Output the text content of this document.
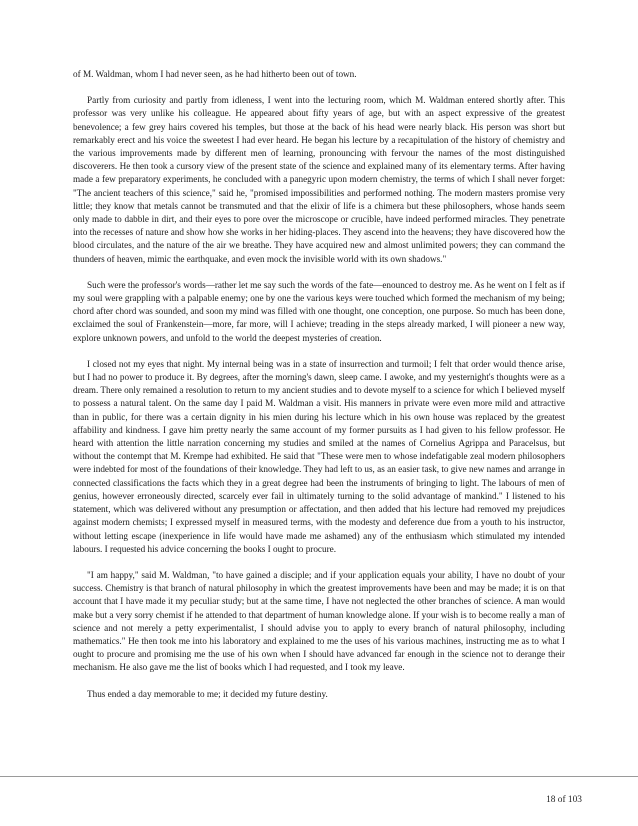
of M. Waldman, whom I had never seen, as he had hitherto been out of town.

Partly from curiosity and partly from idleness, I went into the lecturing room, which M. Waldman entered shortly after. This professor was very unlike his colleague. He appeared about fifty years of age, but with an aspect expressive of the greatest benevolence; a few grey hairs covered his temples, but those at the back of his head were nearly black. His person was short but remarkably erect and his voice the sweetest I had ever heard. He began his lecture by a recapitulation of the history of chemistry and the various improvements made by different men of learning, pronouncing with fervour the names of the most distinguished discoverers. He then took a cursory view of the present state of the science and explained many of its elementary terms. After having made a few preparatory experiments, he concluded with a panegyric upon modern chemistry, the terms of which I shall never forget: "The ancient teachers of this science," said he, "promised impossibilities and performed nothing. The modern masters promise very little; they know that metals cannot be transmuted and that the elixir of life is a chimera but these philosophers, whose hands seem only made to dabble in dirt, and their eyes to pore over the microscope or crucible, have indeed performed miracles. They penetrate into the recesses of nature and show how she works in her hiding-places. They ascend into the heavens; they have discovered how the blood circulates, and the nature of the air we breathe. They have acquired new and almost unlimited powers; they can command the thunders of heaven, mimic the earthquake, and even mock the invisible world with its own shadows."

Such were the professor's words—rather let me say such the words of the fate—enounced to destroy me. As he went on I felt as if my soul were grappling with a palpable enemy; one by one the various keys were touched which formed the mechanism of my being; chord after chord was sounded, and soon my mind was filled with one thought, one conception, one purpose. So much has been done, exclaimed the soul of Frankenstein—more, far more, will I achieve; treading in the steps already marked, I will pioneer a new way, explore unknown powers, and unfold to the world the deepest mysteries of creation.

I closed not my eyes that night. My internal being was in a state of insurrection and turmoil; I felt that order would thence arise, but I had no power to produce it. By degrees, after the morning's dawn, sleep came. I awoke, and my yesternight's thoughts were as a dream. There only remained a resolution to return to my ancient studies and to devote myself to a science for which I believed myself to possess a natural talent. On the same day I paid M. Waldman a visit. His manners in private were even more mild and attractive than in public, for there was a certain dignity in his mien during his lecture which in his own house was replaced by the greatest affability and kindness. I gave him pretty nearly the same account of my former pursuits as I had given to his fellow professor. He heard with attention the little narration concerning my studies and smiled at the names of Cornelius Agrippa and Paracelsus, but without the contempt that M. Krempe had exhibited. He said that "These were men to whose indefatigable zeal modern philosophers were indebted for most of the foundations of their knowledge. They had left to us, as an easier task, to give new names and arrange in connected classifications the facts which they in a great degree had been the instruments of bringing to light. The labours of men of genius, however erroneously directed, scarcely ever fail in ultimately turning to the solid advantage of mankind." I listened to his statement, which was delivered without any presumption or affectation, and then added that his lecture had removed my prejudices against modern chemists; I expressed myself in measured terms, with the modesty and deference due from a youth to his instructor, without letting escape (inexperience in life would have made me ashamed) any of the enthusiasm which stimulated my intended labours. I requested his advice concerning the books I ought to procure.

"I am happy," said M. Waldman, "to have gained a disciple; and if your application equals your ability, I have no doubt of your success. Chemistry is that branch of natural philosophy in which the greatest improvements have been and may be made; it is on that account that I have made it my peculiar study; but at the same time, I have not neglected the other branches of science. A man would make but a very sorry chemist if he attended to that department of human knowledge alone. If your wish is to become really a man of science and not merely a petty experimentalist, I should advise you to apply to every branch of natural philosophy, including mathematics." He then took me into his laboratory and explained to me the uses of his various machines, instructing me as to what I ought to procure and promising me the use of his own when I should have advanced far enough in the science not to derange their mechanism. He also gave me the list of books which I had requested, and I took my leave.

Thus ended a day memorable to me; it decided my future destiny.

18 of 103
